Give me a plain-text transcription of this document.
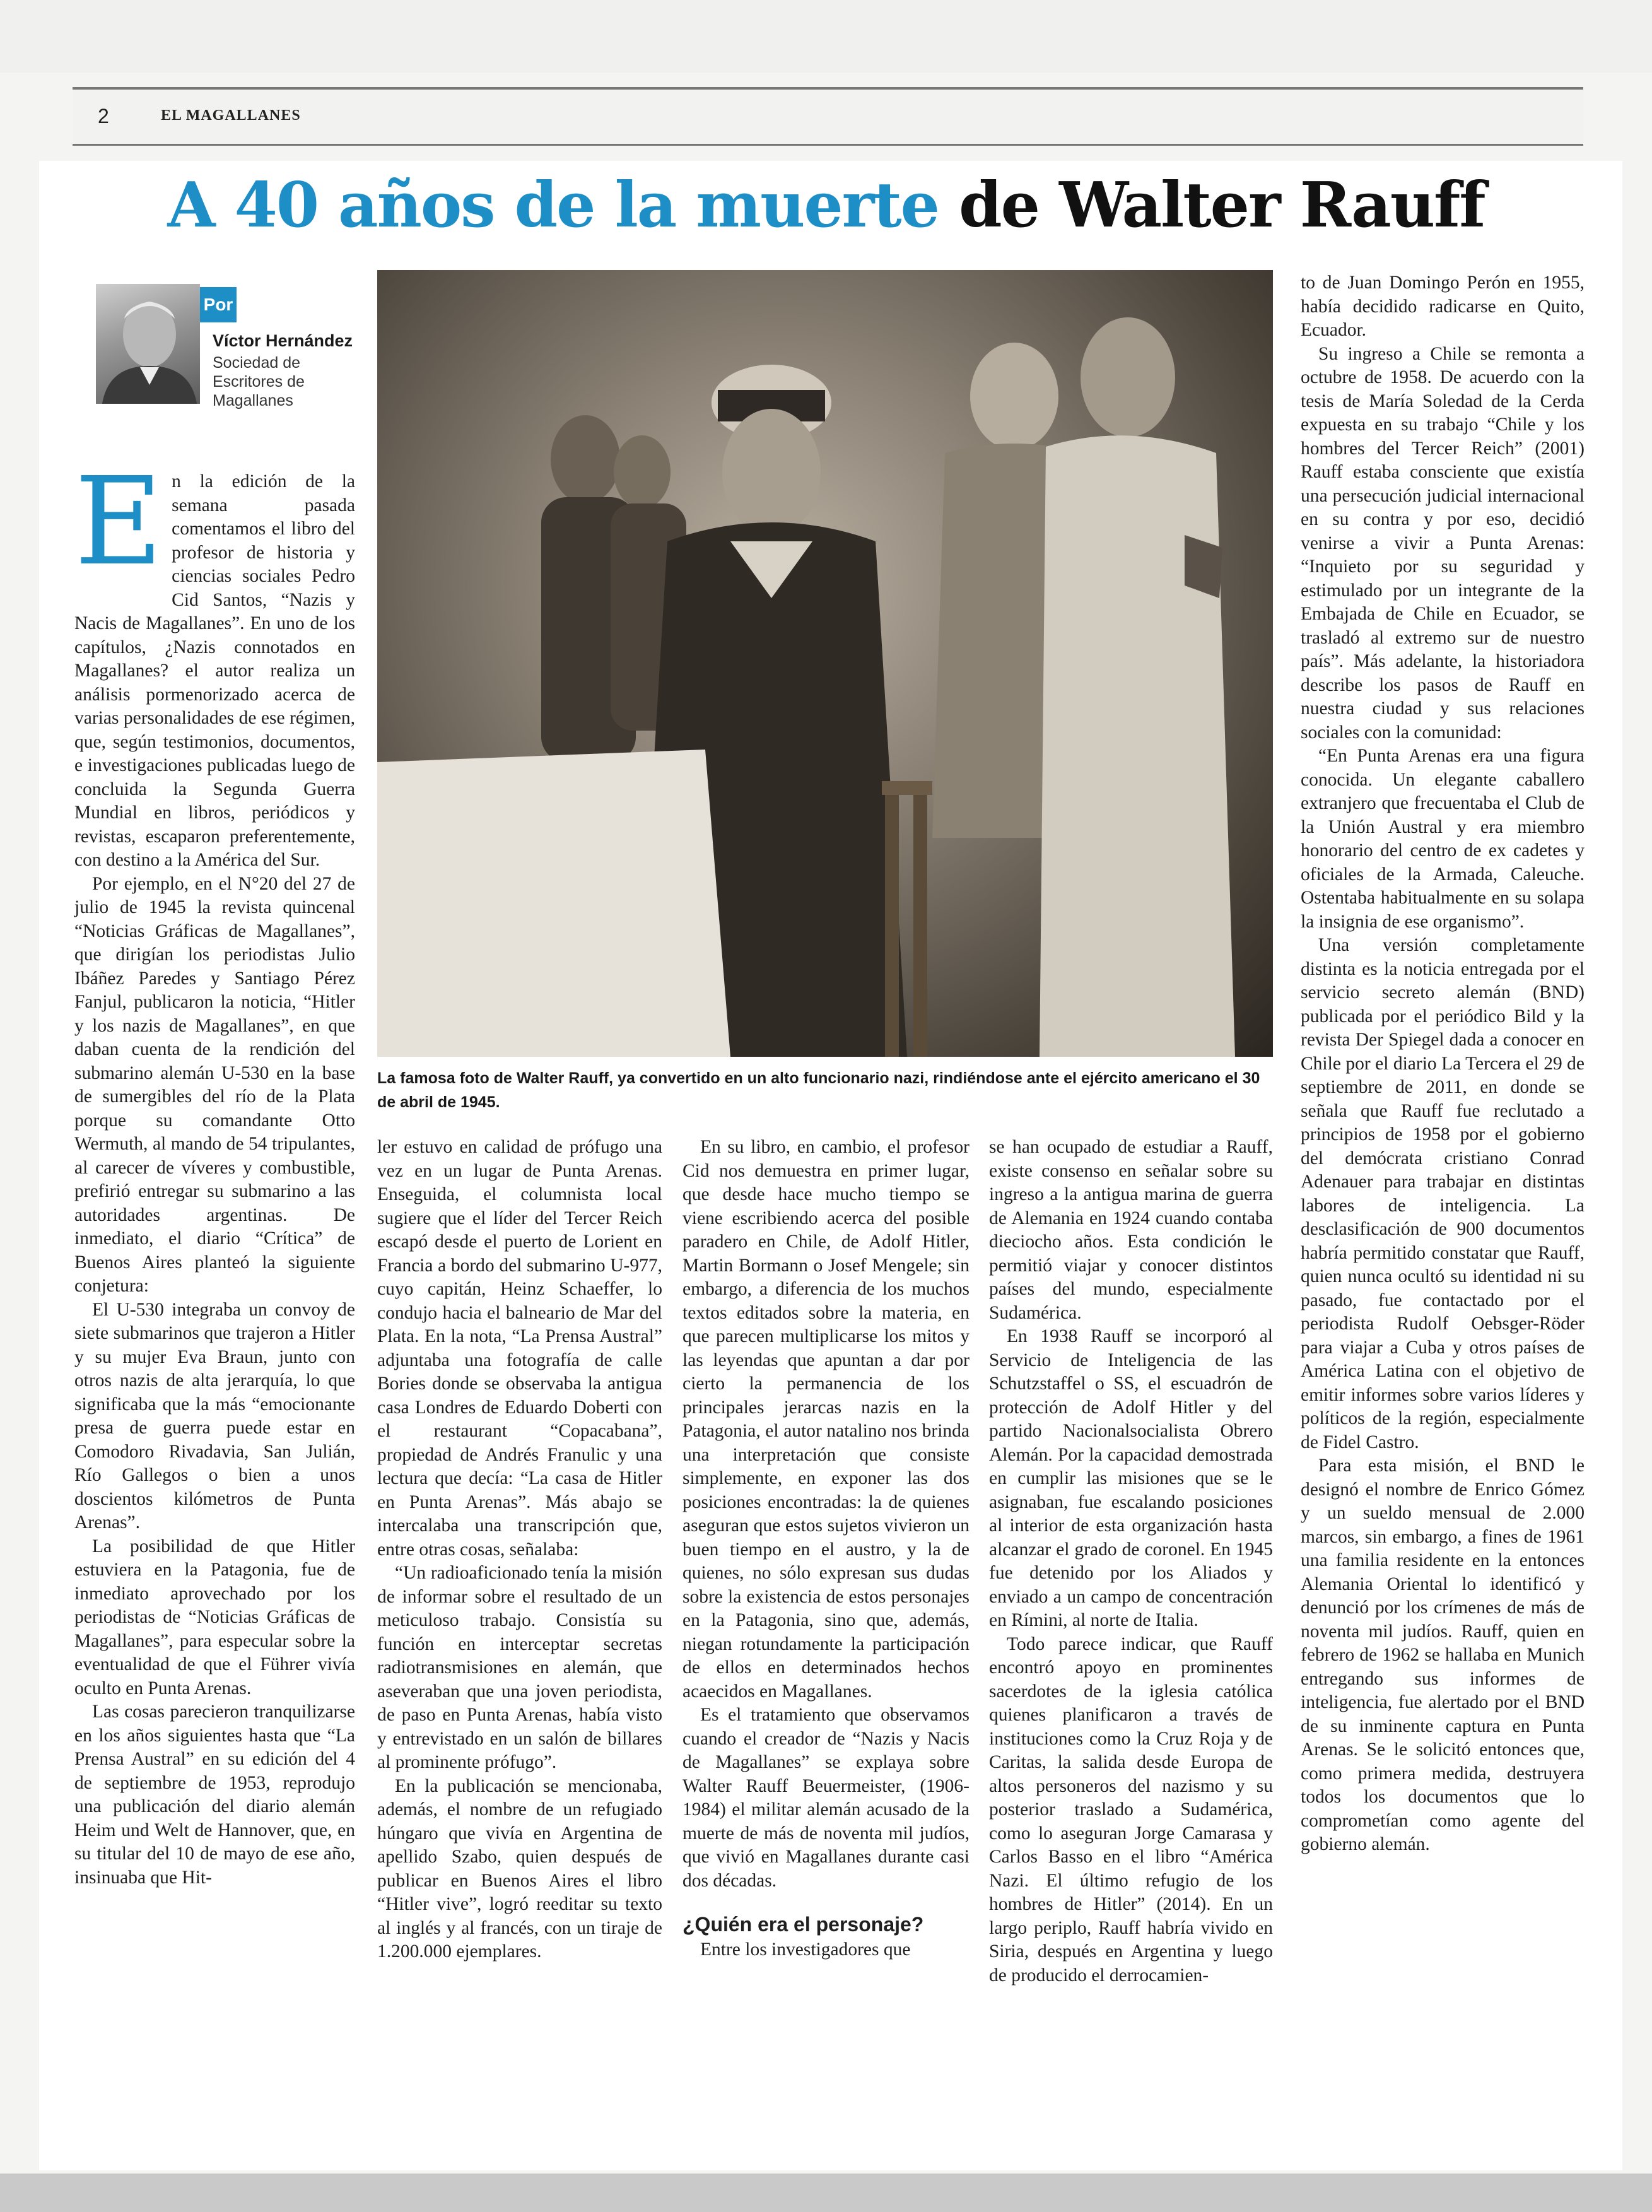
2	EL MAGALLANES
A 40 años de la muerte de Walter Rauff
Por
Víctor Hernández
Sociedad de Escritores de Magallanes
La famosa foto de Walter Rauff, ya convertido en un alto funcionario nazi, rindiéndose ante el ejército americano el 30 de abril de 1945.
E n la edición de la semana pasada comentamos el libro del profesor de historia y ciencias sociales Pedro Cid Santos, “Nazis y Nacis de Magallanes”. En uno de los capítulos, ¿Nazis connotados en Magallanes? el autor realiza un análisis pormenorizado acerca de varias personalidades de ese régimen, que, según testimonios, documentos, e investigaciones publicadas luego de concluida la Segunda Guerra Mundial en libros, periódicos y revistas, escaparon preferentemente, con destino a la América del Sur.

Por ejemplo, en el N°20 del 27 de julio de 1945 la revista quincenal “Noticias Gráficas de Magallanes”, que dirigían los periodistas Julio Ibáñez Paredes y Santiago Pérez Fanjul, publicaron la noticia, “Hitler y los nazis de Magallanes”, en que daban cuenta de la rendición del submarino alemán U-530 en la base de sumergibles del río de la Plata porque su comandante Otto Wermuth, al mando de 54 tripulantes, al carecer de víveres y combustible, prefirió entregar su submarino a las autoridades argentinas. De inmediato, el diario “Crítica” de Buenos Aires planteó la siguiente conjetura:

El U-530 integraba un convoy de siete submarinos que trajeron a Hitler y su mujer Eva Braun, junto con otros nazis de alta jerarquía, lo que significaba que la más “emocionante presa de guerra puede estar en Comodoro Rivadavia, San Julián, Río Gallegos o bien a unos doscientos kilómetros de Punta Arenas”.

La posibilidad de que Hitler estuviera en la Patagonia, fue de inmediato aprovechado por los periodistas de “Noticias Gráficas de Magallanes”, para especular sobre la eventualidad de que el Führer vivía oculto en Punta Arenas.

Las cosas parecieron tranquilizarse en los años siguientes hasta que “La Prensa Austral” en su edición del 4 de septiembre de 1953, reprodujo una publicación del diario alemán Heim und Welt de Hannover, que, en su titular del 10 de mayo de ese año, insinuaba que Hit-

ler estuvo en calidad de prófugo una vez en un lugar de Punta Arenas. Enseguida, el columnista local sugiere que el líder del Tercer Reich escapó desde el puerto de Lorient en Francia a bordo del submarino U-977, cuyo capitán, Heinz Schaeffer, lo condujo hacia el balneario de Mar del Plata. En la nota, “La Prensa Austral” adjuntaba una fotografía de calle Bories donde se observaba la antigua casa Londres de Eduardo Doberti con el restaurant “Copacabana”, propiedad de Andrés Franulic y una lectura que decía: “La casa de Hitler en Punta Arenas”. Más abajo se intercalaba una transcripción que, entre otras cosas, señalaba:

“Un radioaficionado tenía la misión de informar sobre el resultado de un meticuloso trabajo. Consistía su función en interceptar secretas radiotransmisiones en alemán, que aseveraban que una joven periodista, de paso en Punta Arenas, había visto y entrevistado en un salón de billares al prominente prófugo”.

En la publicación se mencionaba, además, el nombre de un refugiado húngaro que vivía en Argentina de apellido Szabo, quien después de publicar en Buenos Aires el libro “Hitler vive”, logró reeditar su texto al inglés y al francés, con un tiraje de 1.200.000 ejemplares.

En su libro, en cambio, el profesor Cid nos demuestra en primer lugar, que desde hace mucho tiempo se viene escribiendo acerca del posible paradero en Chile, de Adolf Hitler, Martin Bormann o Josef Mengele; sin embargo, a diferencia de los muchos textos editados sobre la materia, en que parecen multiplicarse los mitos y las leyendas que apuntan a dar por cierto la permanencia de los principales jerarcas nazis en la Patagonia, el autor natalino nos brinda una interpretación que consiste simplemente, en exponer las dos posiciones encontradas: la de quienes aseguran que estos sujetos vivieron un buen tiempo en el austro, y la de quienes, no sólo expresan sus dudas sobre la existencia de estos personajes en la Patagonia, sino que, además, niegan rotundamente la participación de ellos en determinados hechos acaecidos en Magallanes.

Es el tratamiento que observamos cuando el creador de “Nazis y Nacis de Magallanes” se explaya sobre Walter Rauff Beuermeister, (1906-1984) el militar alemán acusado de la muerte de más de noventa mil judíos, que vivió en Magallanes durante casi dos décadas.

¿Quién era el personaje?

Entre los investigadores que

se han ocupado de estudiar a Rauff, existe consenso en señalar sobre su ingreso a la antigua marina de guerra de Alemania en 1924 cuando contaba dieciocho años. Esta condición le permitió viajar y conocer distintos países del mundo, especialmente Sudamérica.

En 1938 Rauff se incorporó al Servicio de Inteligencia de las Schutzstaffel o SS, el escuadrón de protección de Adolf Hitler y del partido Nacionalsocialista Obrero Alemán. Por la capacidad demostrada en cumplir las misiones que se le asignaban, fue escalando posiciones al interior de esta organización hasta alcanzar el grado de coronel. En 1945 fue detenido por los Aliados y enviado a un campo de concentración en Rímini, al norte de Italia.

Todo parece indicar, que Rauff encontró apoyo en prominentes sacerdotes de la iglesia católica quienes planificaron a través de instituciones como la Cruz Roja y de Caritas, la salida desde Europa de altos personeros del nazismo y su posterior traslado a Sudamérica, como lo aseguran Jorge Camarasa y Carlos Basso en el libro “América Nazi. El último refugio de los hombres de Hitler” (2014). En un largo periplo, Rauff habría vivido en Siria, después en Argentina y luego de producido el derrocamien-

to de Juan Domingo Perón en 1955, había decidido radicarse en Quito, Ecuador.

Su ingreso a Chile se remonta a octubre de 1958. De acuerdo con la tesis de María Soledad de la Cerda expuesta en su trabajo “Chile y los hombres del Tercer Reich” (2001) Rauff estaba consciente que existía una persecución judicial internacional en su contra y por eso, decidió venirse a vivir a Punta Arenas: “Inquieto por su seguridad y estimulado por un integrante de la Embajada de Chile en Ecuador, se trasladó al extremo sur de nuestro país”. Más adelante, la historiadora describe los pasos de Rauff en nuestra ciudad y sus relaciones sociales con la comunidad:

“En Punta Arenas era una figura conocida. Un elegante caballero extranjero que frecuentaba el Club de la Unión Austral y era miembro honorario del centro de ex cadetes y oficiales de la Armada, Caleuche. Ostentaba habitualmente en su solapa la insignia de ese organismo”.

Una versión completamente distinta es la noticia entregada por el servicio secreto alemán (BND) publicada por el periódico Bild y la revista Der Spiegel dada a conocer en Chile por el diario La Tercera el 29 de septiembre de 2011, en donde se señala que Rauff fue reclutado a principios de 1958 por el gobierno del demócrata cristiano Conrad Adenauer para trabajar en distintas labores de inteligencia. La desclasificación de 900 documentos habría permitido constatar que Rauff, quien nunca ocultó su identidad ni su pasado, fue contactado por el periodista Rudolf Oebsger-Röder para viajar a Cuba y otros países de América Latina con el objetivo de emitir informes sobre varios líderes y políticos de la región, especialmente de Fidel Castro.

Para esta misión, el BND le designó el nombre de Enrico Gómez y un sueldo mensual de 2.000 marcos, sin embargo, a fines de 1961 una familia residente en la entonces Alemania Oriental lo identificó y denunció por los crímenes de más de noventa mil judíos. Rauff, quien en febrero de 1962 se hallaba en Munich entregando sus informes de inteligencia, fue alertado por el BND de su inminente captura en Punta Arenas. Se le solicitó entonces que, como primera medida, destruyera todos los documentos que lo comprometían como agente del gobierno alemán.
